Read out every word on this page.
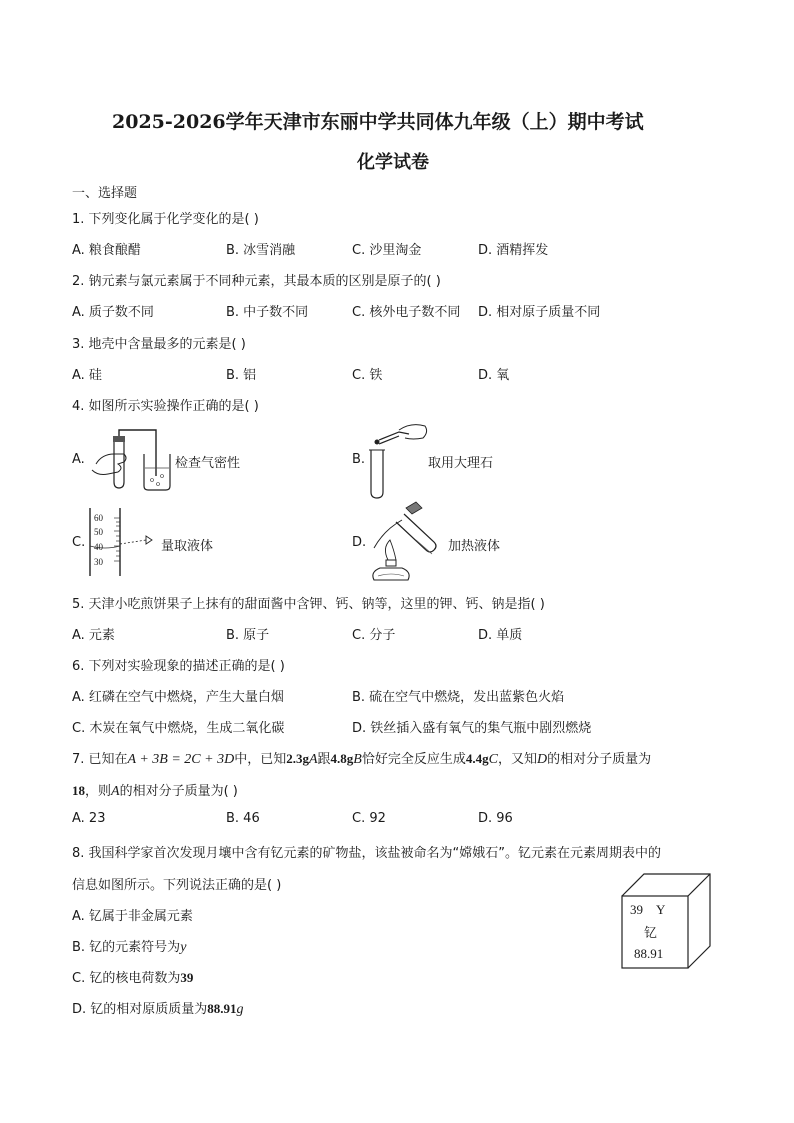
2025-2026学年天津市东丽中学共同体九年级（上）期中考试
化学试卷
一、选择题
1. 下列变化属于化学变化的是( )
A. 粮食酿醋	B. 冰雪消融	C. 沙里淘金	D. 酒精挥发
2. 钠元素与氯元素属于不同种元素，其最本质的区别是原子的( )
A. 质子数不同	B. 中子数不同	C. 核外电子数不同 D. 相对原子质量不同
3. 地壳中含量最多的元素是( )
A. 硅	B. 铝	C. 铁	D. 氧
4. 如图所示实验操作正确的是( )
A.	检查气密性	B.	取用大理石
C.
60
50
40
30
量取液体	D.	加热液体
5. 天津小吃煎饼果子上抹有的甜面酱中含钾、钙、钠等，这里的钾、钙、钠是指( )
A. 元素	B. 原子	C. 分子	D. 单质
6. 下列对实验现象的描述正确的是( )
A. 红磷在空气中燃烧，产生大量白烟	B. 硫在空气中燃烧，发出蓝紫色火焰
C. 木炭在氧气中燃烧，生成二氧化碳	D. 铁丝插入盛有氧气的集气瓶中剧烈燃烧
7. 已知在A + 3B = 2C + 3D中，已知2.3gA跟4.8gB恰好完全反应生成4.4gC，又知D的相对分子质量为
18，则A的相对分子质量为( )
A. 23	B. 46	C. 92	D. 96
8. 我国科学家首次发现月壤中含有钇元素的矿物盐，该盐被命名为“嫦娥石”。钇元素在元素周期表中的
信息如图所示。下列说法正确的是( )
A. 钇属于非金属元素
B. 钇的元素符号为y
C. 钇的核电荷数为39
D. 钇的相对原质质量为88.91g
39 Y
钇
88.91
